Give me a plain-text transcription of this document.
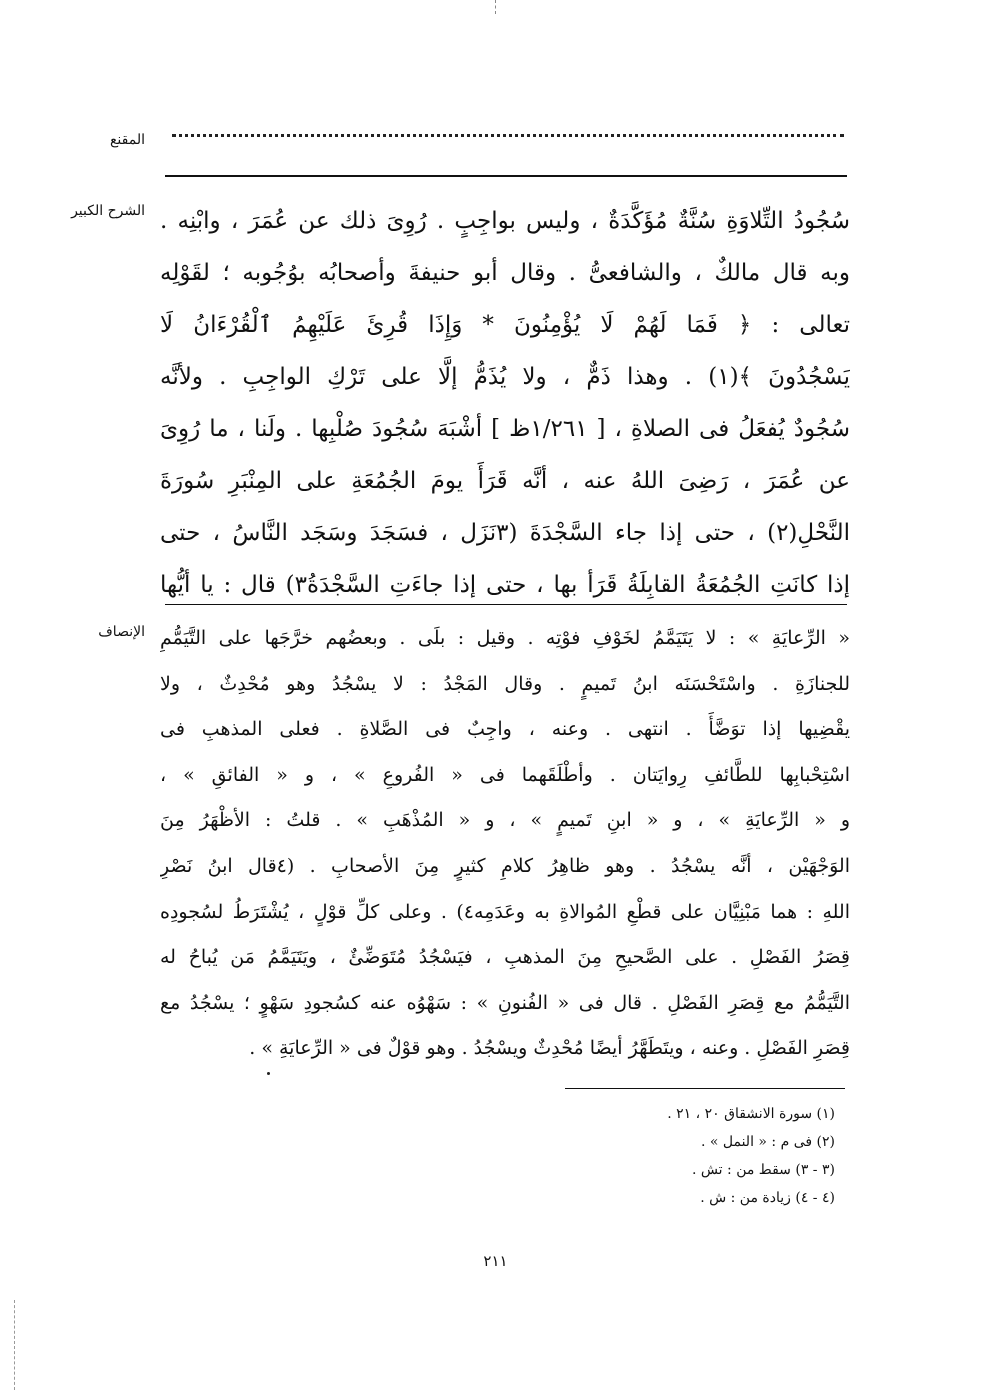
المقنع
الشرح الكبير سُجُودُ التِّلاوَةِ سُنَّةٌ مُؤَكَّدَةٌ ، وليس بواجِبٍ . رُوِىَ ذلك عن عُمَرَ ، وابْنِه .
وبه قال مالكٌ ، والشافعىُّ . وقال أبو حنيفةَ وأصحابُه بوُجُوبه ؛ لقَوْلِه
تعالى : ﴿ فَمَا لَهُمْ لَا يُؤْمِنُونَ * وَإِذَا قُرِئَ عَلَيْهِمُ ٱلْقُرْءَانُ لَا
يَسْجُدُونَ ﴾(١) . وهذا ذَمٌّ ، ولا يُذَمُّ إلَّا على تَرْكِ الواجِبِ . ولأنَّه
سُجُودٌ يُفعَلُ فى الصلاةِ ، [ ١/٢٦١ظ ] أشْبَهَ سُجُودَ صُلْبِها . ولَنا ، ما رُوِىَ
عن عُمَرَ ، رَضِىَ اللهُ عنه ، أنَّه قَرَأَ يومَ الجُمُعَةِ على المِنْبَرِ سُورَةَ
النَّحْلِ(٢) ، حتى إذا جاء السَّجْدَةَ (٣نَزَل ، فسَجَدَ وسَجَد النَّاسُ ، حتى
إذا كانَتِ الجُمُعَةُ القابِلَةُ قَرَأ بها ، حتى إذا جاءَتِ السَّجْدَةُ٣) قال : يا أيُّها
الإنصاف « الرِّعايَةِ » : لا يَتَيَمَّمُ لخَوْفِ فوْتِه . وقيل : بلَى . وبعضُهم خرَّجَها على التَّيَمُّمِ
للجنازَةِ . واسْتَحْسَنَه ابنُ تَميمٍ . وقال المَجْدُ : لا يسْجُدُ وهو مُحْدِثٌ ، ولا
يقْضِيها إذا توَضَّأَ . انتهى . وعنه ، واجِبٌ فى الصَّلاةِ . فعلى المذهبِ فى
اسْتِحْبابِها للطَّائفِ رِوايَتان . وأطْلَقَهما فى « الفُروعِ » ، و « الفائقِ » ،
و « الرِّعايَةِ » ، و « ابنِ تَميمٍ » ، و « المُذْهَبِ » . قلتُ : الأظْهَرُ مِنَ
الوَجْهَيْن ، أنَّه يسْجُدُ . وهو ظاهِرُ كلامِ كثيرٍ مِنَ الأصحابِ . (٤قال ابنُ نَصْرِ
اللهِ : هما مَبْنِيَّان على قطْعِ المُوالاةِ به وعَدَمِه٤) . وعلى كلِّ قوْلٍ ، يُشْتَرَطُ لسُجودِه
قِصَرُ الفَصْلِ . على الصَّحيحِ مِنَ المذهبِ ، فيَسْجُدُ مُتَوَضِّئٌ ، ويَتَيَمَّمُ مَن يُباحُ له
التَّيَمُّمُ مع قِصَرِ الفَصْلِ . قال فى « الفُنونِ » : سَهْوُه عنه كسُجودِ سَهْوٍ ؛ يسْجُدُ مع
قِصَرِ الفَصْلِ . وعنه ، ويتَطَهَّرُ أيضًا مُحْدِثٌ ويسْجُدُ . وهو قوْلٌ فى « الرِّعايَةِ » .
(١) سورة الانشقاق ٢٠ ، ٢١ .
(٢) فى م : « النمل » .
(٣ - ٣) سقط من : تش .
(٤ - ٤) زيادة من : ش .
٢١١
